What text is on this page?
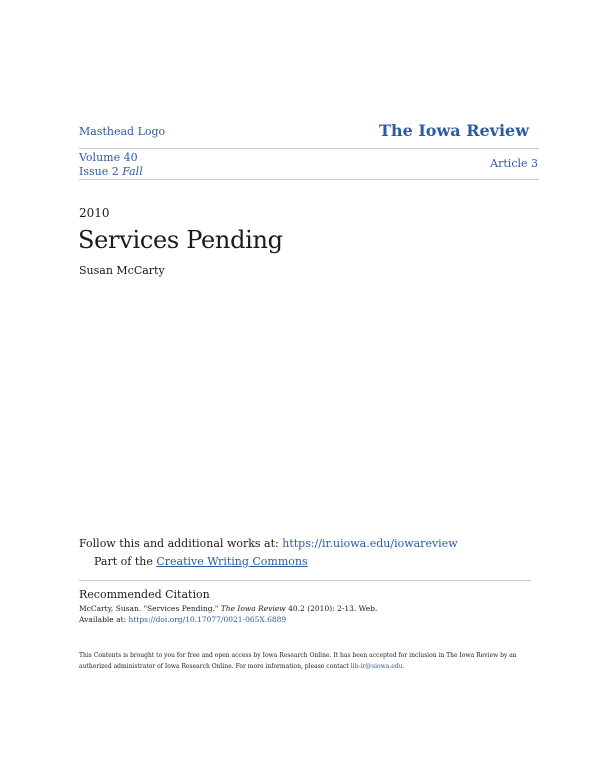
Masthead Logo	The Iowa Review
Volume 40
Issue 2 Fall
Article 3
2010
Services Pending
Susan McCarty
Follow this and additional works at: https://ir.uiowa.edu/iowareview
Part of the Creative Writing Commons
Recommended Citation
McCarty, Susan. "Services Pending." The Iowa Review 40.2 (2010): 2-13. Web.
Available at: https://doi.org/10.17077/0021-065X.6889
This Contents is brought to you for free and open access by Iowa Research Online. It has been accepted for inclusion in The Iowa Review by an
authorized administrator of Iowa Research Online. For more information, please contact lib-ir@uiowa.edu.
